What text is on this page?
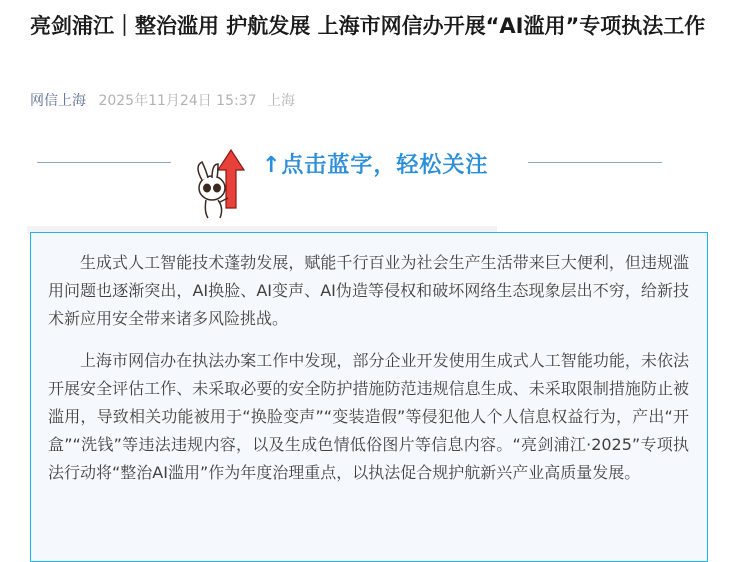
亮剑浦江｜整治滥用 护航发展 上海市网信办开展“AI滥用”专项执法工作
网信上海 2025年11月24日 15:37 上海
↑点击蓝字，轻松关注

生成式人工智能技术蓬勃发展，赋能千行百业为社会生产生活带来巨大便利，但违规滥用问题也逐渐突出，AI换脸、AI变声、AI伪造等侵权和破坏网络生态现象层出不穷，给新技术新应用安全带来诸多风险挑战。

上海市网信办在执法办案工作中发现，部分企业开发使用生成式人工智能功能，未依法开展安全评估工作、未采取必要的安全防护措施防范违规信息生成、未采取限制措施防止被滥用，导致相关功能被用于“换脸变声”“变装造假”等侵犯他人个人信息权益行为，产出“开盒”“洗钱”等违法违规内容，以及生成色情低俗图片等信息内容。“亮剑浦江·2025”专项执法行动将“整治AI滥用”作为年度治理重点，以执法促合规护航新兴产业高质量发展。
